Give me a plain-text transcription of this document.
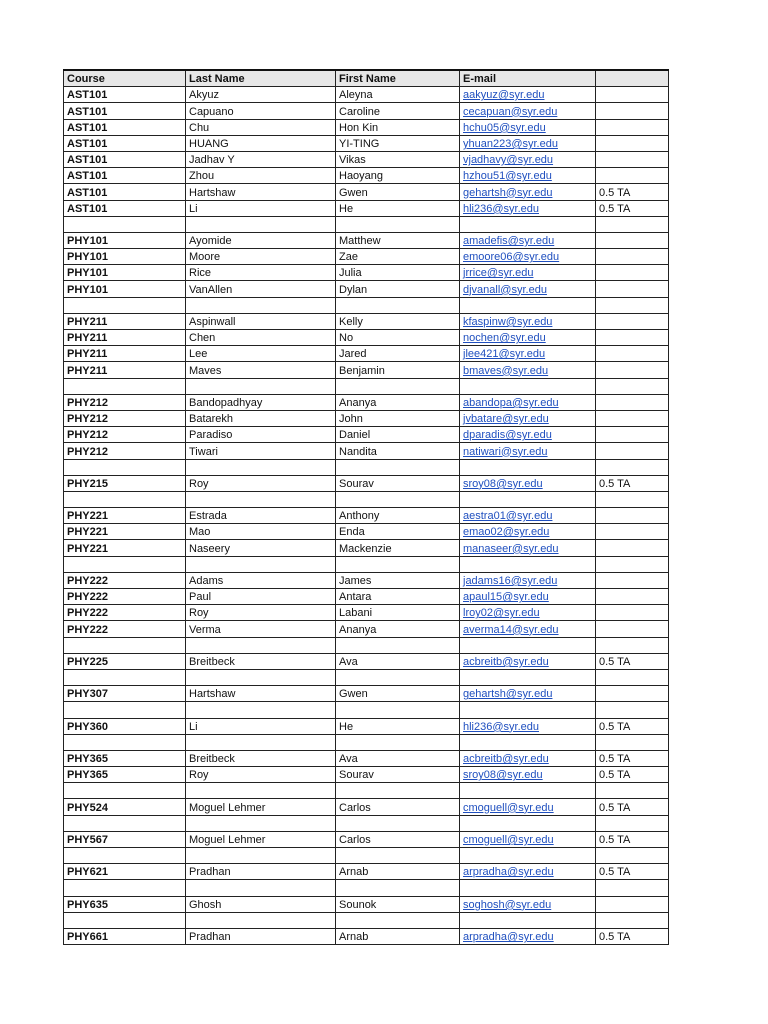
Course	Last Name	First Name	E-mail	
AST101	Akyuz	Aleyna	aakyuz@syr.edu	
AST101	Capuano	Caroline	cecapuan@syr.edu	
AST101	Chu	Hon Kin	hchu05@syr.edu	
AST101	HUANG	YI-TING	yhuan223@syr.edu	
AST101	Jadhav Y	Vikas	vjadhavy@syr.edu	
AST101	Zhou	Haoyang	hzhou51@syr.edu	
AST101	Hartshaw	Gwen	gehartsh@syr.edu	0.5 TA
AST101	Li	He	hli236@syr.edu	0.5 TA

PHY101	Ayomide	Matthew	amadefis@syr.edu	
PHY101	Moore	Zae	emoore06@syr.edu	
PHY101	Rice	Julia	jrrice@syr.edu	
PHY101	VanAllen	Dylan	djvanall@syr.edu	

PHY211	Aspinwall	Kelly	kfaspinw@syr.edu	
PHY211	Chen	No	nochen@syr.edu	
PHY211	Lee	Jared	jlee421@syr.edu	
PHY211	Maves	Benjamin	bmaves@syr.edu	

PHY212	Bandopadhyay	Ananya	abandopa@syr.edu	
PHY212	Batarekh	John	jvbatare@syr.edu	
PHY212	Paradiso	Daniel	dparadis@syr.edu	
PHY212	Tiwari	Nandita	natiwari@syr.edu	

PHY215	Roy	Sourav	sroy08@syr.edu	0.5 TA

PHY221	Estrada	Anthony	aestra01@syr.edu	
PHY221	Mao	Enda	emao02@syr.edu	
PHY221	Naseery	Mackenzie	manaseer@syr.edu	

PHY222	Adams	James	jadams16@syr.edu	
PHY222	Paul	Antara	apaul15@syr.edu	
PHY222	Roy	Labani	lroy02@syr.edu	
PHY222	Verma	Ananya	averma14@syr.edu	

PHY225	Breitbeck	Ava	acbreitb@syr.edu	0.5 TA

PHY307	Hartshaw	Gwen	gehartsh@syr.edu	

PHY360	Li	He	hli236@syr.edu	0.5 TA

PHY365	Breitbeck	Ava	acbreitb@syr.edu	0.5 TA
PHY365	Roy	Sourav	sroy08@syr.edu	0.5 TA

PHY524	Moguel Lehmer	Carlos	cmoguell@syr.edu	0.5 TA

PHY567	Moguel Lehmer	Carlos	cmoguell@syr.edu	0.5 TA

PHY621	Pradhan	Arnab	arpradha@syr.edu	0.5 TA

PHY635	Ghosh	Sounok	soghosh@syr.edu	

PHY661	Pradhan	Arnab	arpradha@syr.edu	0.5 TA
